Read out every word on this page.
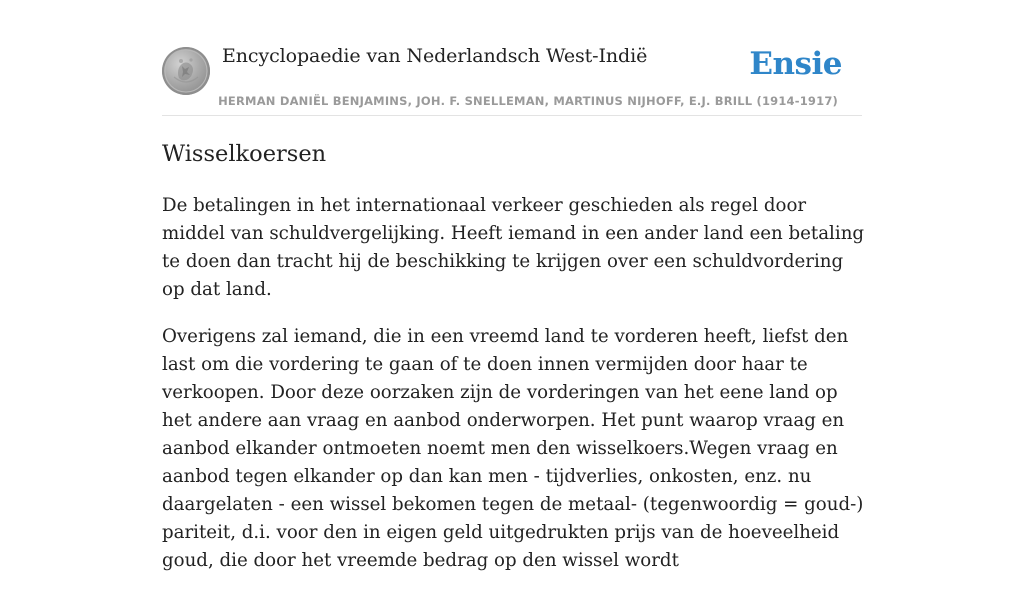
Encyclopaedie van Nederlandsch West-Indië	Ensie
HERMAN DANIËL BENJAMINS, JOH. F. SNELLEMAN, MARTINUS NIJHOFF, E.J. BRILL (1914-1917)
Wisselkoersen

De betalingen in het internationaal verkeer geschieden als regel door middel van schuldvergelijking. Heeft iemand in een ander land een betaling te doen dan tracht hij de beschikking te krijgen over een schuldvordering op dat land.

Overigens zal iemand, die in een vreemd land te vorderen heeft, liefst den last om die vordering te gaan of te doen innen vermijden door haar te verkoopen. Door deze oorzaken zijn de vorderingen van het eene land op het andere aan vraag en aanbod onderworpen. Het punt waarop vraag en aanbod elkander ontmoeten noemt men den wisselkoers.Wegen vraag en aanbod tegen elkander op dan kan men - tijdverlies, onkosten, enz. nu daargelaten - een wissel bekomen tegen de metaal- (tegenwoordig = goud-) pariteit, d.i. voor den in eigen geld uitgedrukten prijs van de hoeveelheid goud, die door het vreemde bedrag op den wissel wordt
